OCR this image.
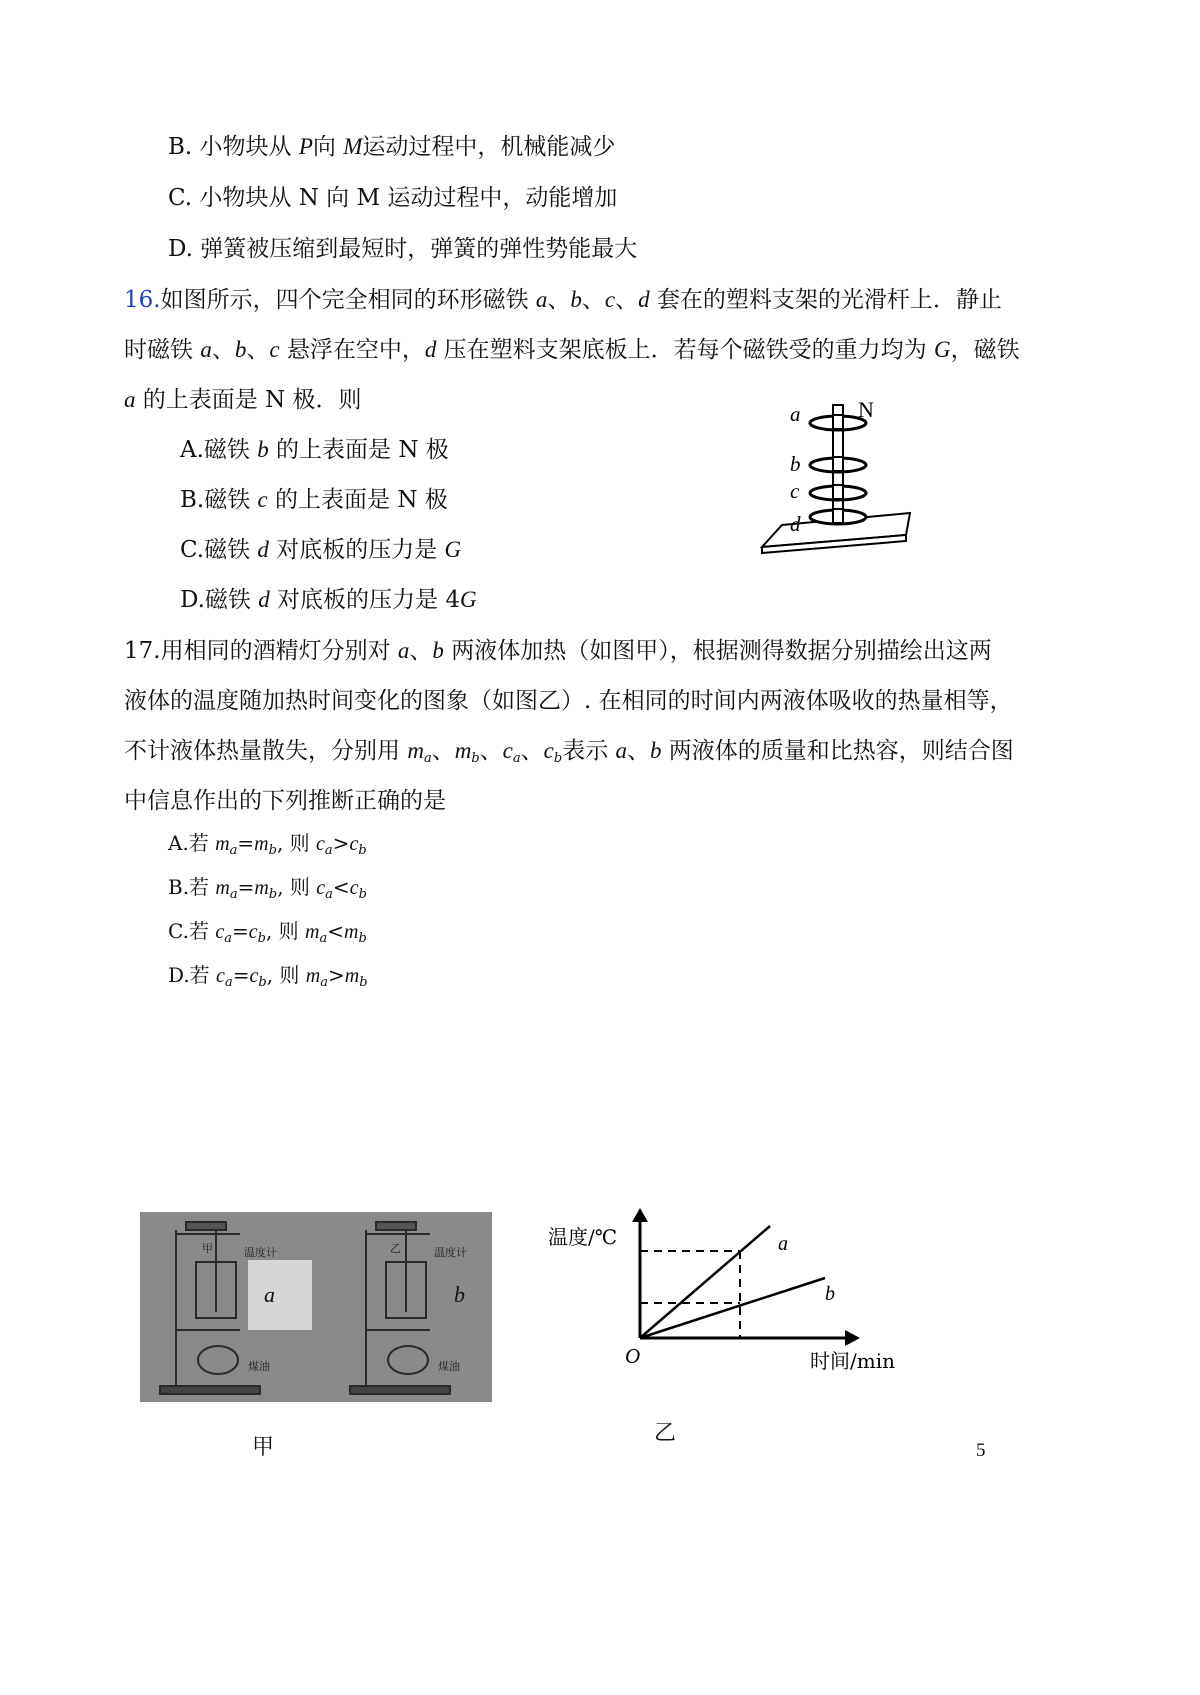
B. 小物块从 P向 M运动过程中，机械能减少
C. 小物块从 N 向 M 运动过程中，动能增加
D. 弹簧被压缩到最短时，弹簧的弹性势能最大
16.如图所示，四个完全相同的环形磁铁 a、b、c、d 套在的塑料支架的光滑杆上．静止
时磁铁 a、b、c 悬浮在空中，d 压在塑料支架底板上．若每个磁铁受的重力均为 G，磁铁
a 的上表面是 N 极．则
A.磁铁 b 的上表面是 N 极
B.磁铁 c 的上表面是 N 极
C.磁铁 d 对底板的压力是 G
D.磁铁 d 对底板的压力是 4G
a	N
b
c
d
17.用相同的酒精灯分别对 a、b 两液体加热（如图甲），根据测得数据分别描绘出这两
液体的温度随加热时间变化的图象（如图乙）. 在相同的时间内两液体吸收的热量相等，
不计液体热量散失，分别用 $m_a$、$m_b$、$c_a$、$c_b$表示 a、b 两液体的质量和比热容，则结合图
中信息作出的下列推断正确的是
A.若 $m_a=m_b$, 则 $c_a>c_b$
B.若 $m_a=m_b$, 则 $c_a<c_b$
C.若 $c_a=c_b$, 则 $m_a<m_b$
D.若 $c_a=c_b$, 则 $m_a>m_b$
甲	乙
温度计	温度计
煤油	煤油
a	b
甲
温度/℃
时间/min
O
a
b
乙
5
